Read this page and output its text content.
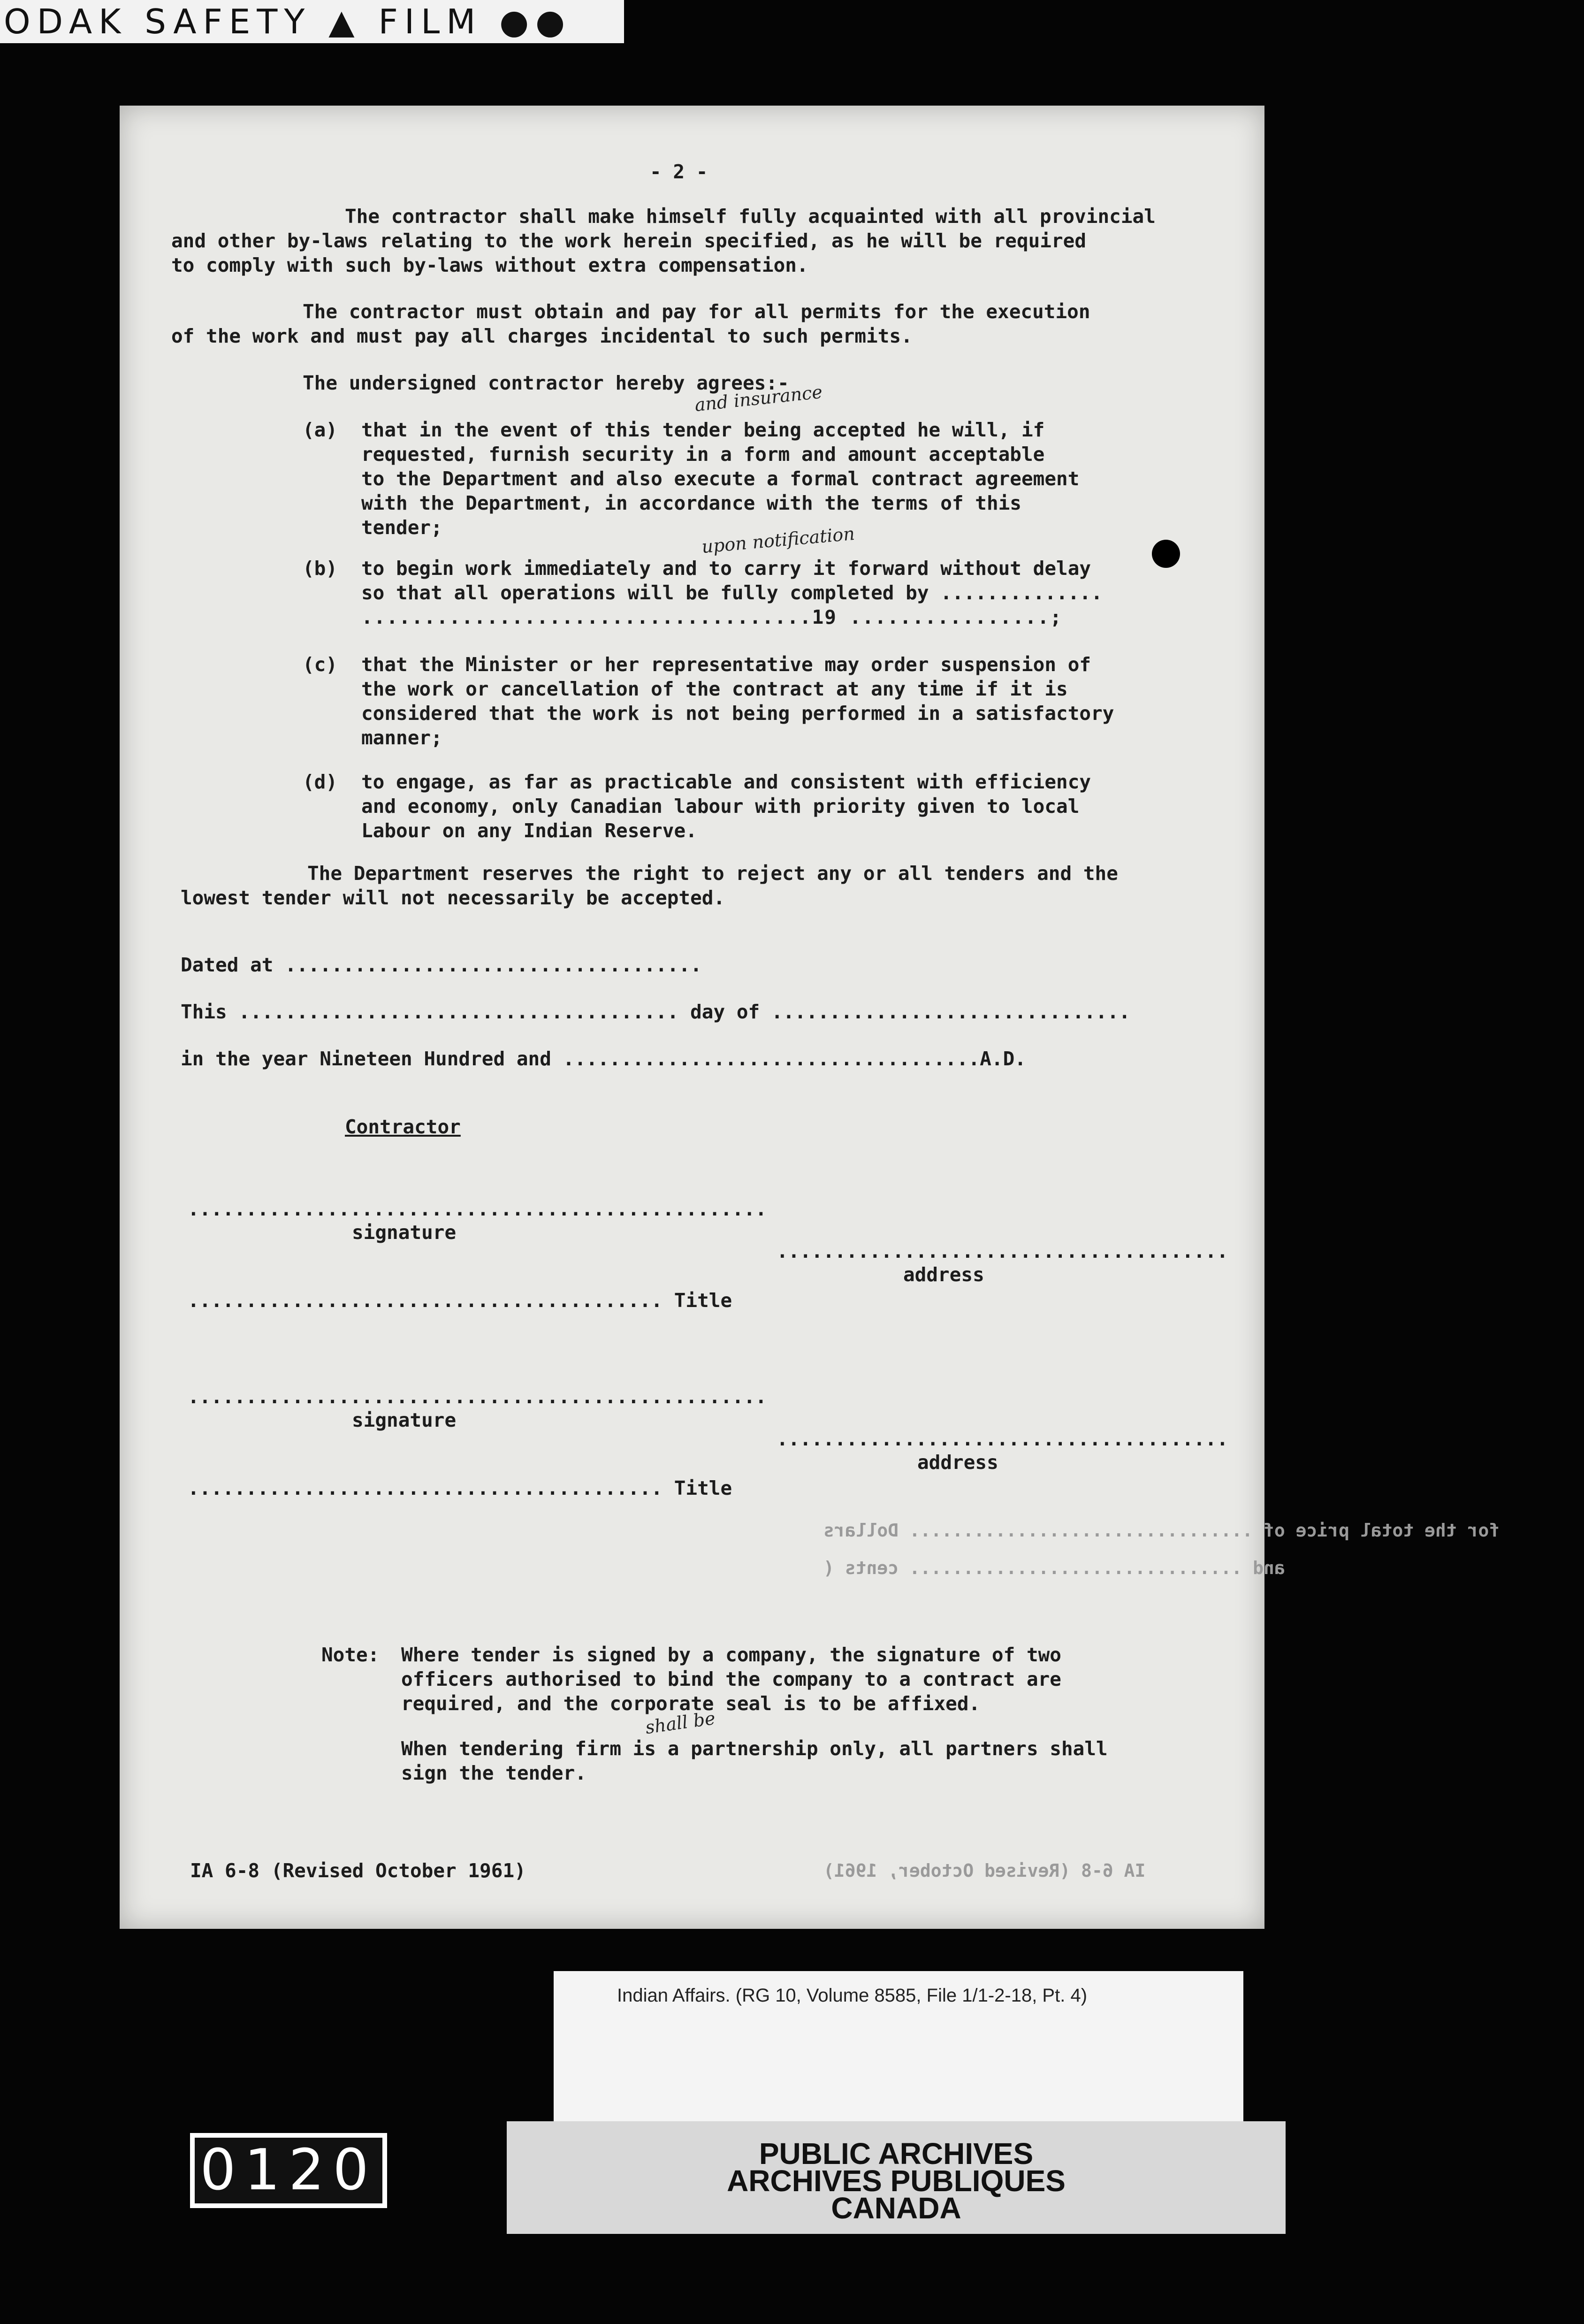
ODAK SAFETY ▲ FILM ●●
- 2 -
for the total price of ................................ Dollars
and ............................... cents (
IA 6-8 (Revised October, 1961)
The contractor shall make himself fully acquainted with all provincial
and other by-laws relating to the work herein specified, as he will be required
to comply with such by-laws without extra compensation.
The contractor must obtain and pay for all permits for the execution
of the work and must pay all charges incidental to such permits.
The undersigned contractor hereby agrees:-
(a)
and insurance
that in the event of this tender being accepted he will, if
requested, furnish security in a form and amount acceptable
to the Department and also execute a formal contract agreement
with the Department, in accordance with the terms of this
tender;
(b)
upon notification
to begin work immediately and to carry it forward without delay
so that all operations will be fully completed by ..............
....................................19 ................;
(c) that the Minister or her representative may order suspension of
the work or cancellation of the contract at any time if it is
considered that the work is not being performed in a satisfactory
manner;
(d) to engage, as far as practicable and consistent with efficiency
and economy, only Canadian labour with priority given to local
Labour on any Indian Reserve.
The Department reserves the right to reject any or all tenders and the
lowest tender will not necessarily be accepted.
Dated at ....................................
This ...................................... day of ...............................
in the year Nineteen Hundred and ....................................A.D.
Contractor
..................................................
signature
.......................................
address
......................................... Title
..................................................
signature
.......................................
address
......................................... Title
Note: Where tender is signed by a company, the signature of two
officers authorised to bind the company to a contract are
required, and the corporate seal is to be affixed.
shall be
When tendering firm is a partnership only, all partners shall
sign the tender.
IA 6-8 (Revised October 1961)
Indian Affairs. (RG 10, Volume 8585, File 1/1-2-18, Pt. 4)
PUBLIC ARCHIVES
ARCHIVES PUBLIQUES
CANADA
0120
